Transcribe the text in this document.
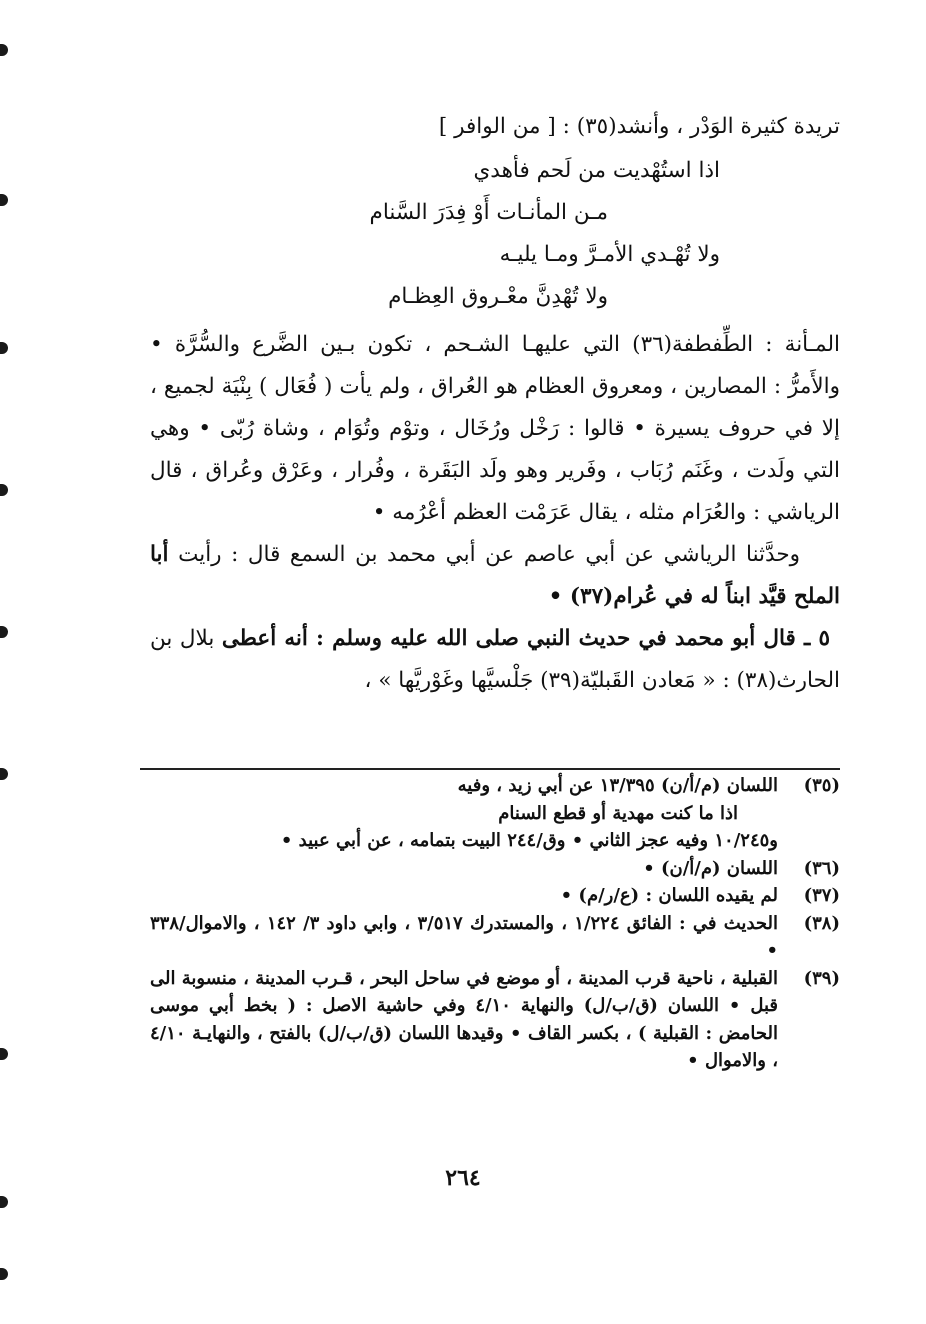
تريدة كثيرة الوَدْر ، وأنشد(٣٥) : [ من الوافر ]

اذا استُهْديت من لَحم فأهدي
مـن المأنـات أَوْ فِدَرَ السَّنام
ولا تُهْـدي الأمـرَّ ومـا يليـه
ولا تُهْدِنَّ معْـروق العِظـام

المـأنة : الطِّفطفة(٣٦) التي عليهـا الشـحم ، تكون بـين الضَّرع والسُّرَّة • والأَمرُّ : المصارين ، ومعروق العظام هو العُراق ، ولم يأت ( فُعَال ) بِنْيَة لجميع ، إلا في حروف يسيرة • قالوا : رَخْل ورُخَال ، وتوْم وتُوَام ، وشاة رُبّى • وهي التي ولَدت ، وغَنَم رُبَاب ، وفَرير وهو ولَد البَقَرة ، وفُرار ، وعَرْق وعُراق ، قال الرياشي : والعُرَام مثله ، يقال عَرَمْت العظم أعْرُمه •

وحدَّثنا الرياشي عن أبي عاصم عن أبي محمد بن السمع قال : رأيت أبا الملح قيَّد ابناً له في عُرام(٣٧) •

٥ ـ قال أبو محمد في حديث النبي صلى الله عليه وسلم : أنه أعطى بلال بن الحارث(٣٨) : « مَعادن القَبليّة(٣٩) جَلْسيَّها وغَوْريَّها » ،

(٣٥)
اللسان (م/أ/ن) ١٣/٣٩٥ عن أبي زيد ، وفيه
اذا ما كنت مهدية أو قطع السنام
و١٠/٢٤٥ وفيه عجز الثاني • وق/٢٤٤ البيت بتمامه ، عن أبي عبيد •
(٣٦)
اللسان (م/أ/ن) •
(٣٧)
لم يقيده اللسان : (ع/ر/م) •
(٣٨)
الحديث في : الفائق ١/٢٢٤ ، والمستدرك ٣/٥١٧ ، وابي داود ٣/ ١٤٢ ، والاموال/٣٣٨ •
(٣٩)
القبلية ، ناحية قرب المدينة ، أو موضع في ساحل البحر ، قـرب المدينة ، منسوبة الى قبل • اللسان (ق/ب/ل) والنهاية ٤/١٠ وفي حاشية الاصل : ( بخط أبي موسى الحامض : القبلية ) ، بكسر القاف • وقيدها اللسان (ق/ب/ل) بالفتح ، والنهايـة ٤/١٠ ، والاموال •
٢٦٤
